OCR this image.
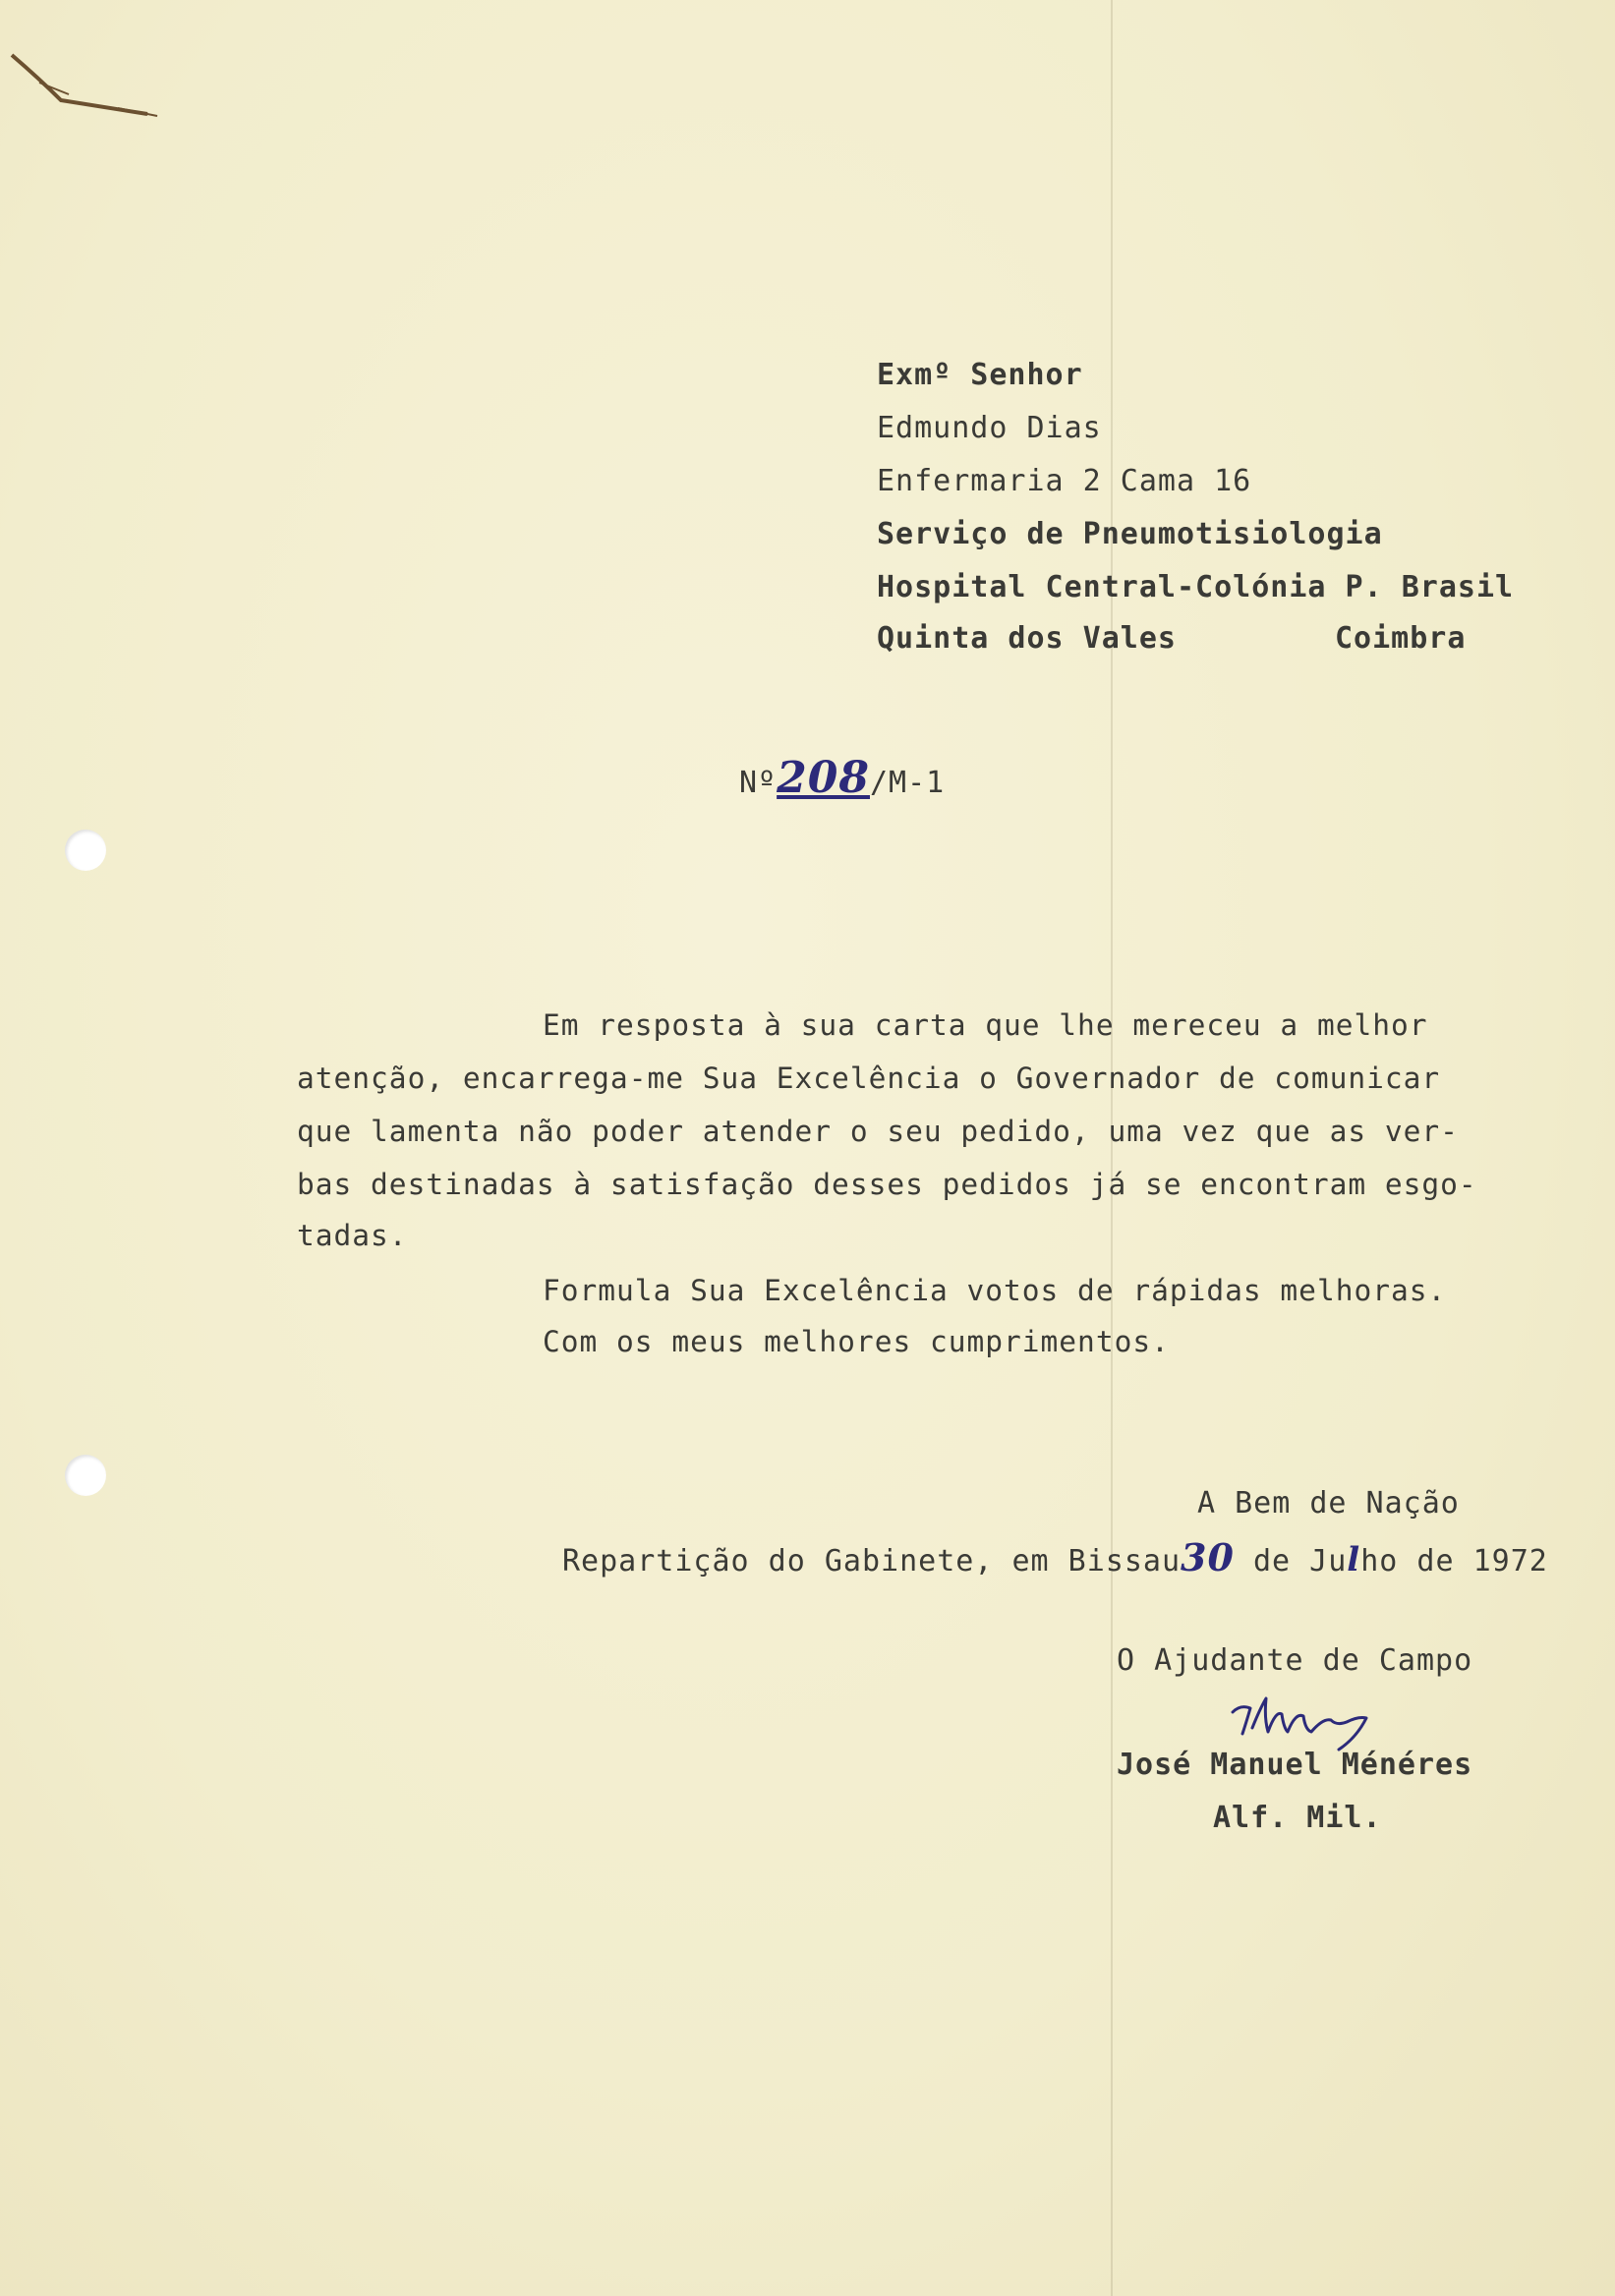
Exmº Senhor
Edmundo Dias
Enfermaria 2 Cama 16
Serviço de Pneumotisiologia
Hospital Central-Colónia P. Brasil
Quinta dos Vales	Coimbra
Nº208/M-1
Em resposta à sua carta que lhe mereceu a melhor
atenção, encarrega-me Sua Excelência o Governador de comunicar
que lamenta não poder atender o seu pedido, uma vez que as ver-
bas destinadas à satisfação desses pedidos já se encontram esgo-
tadas.
Formula Sua Excelência votos de rápidas melhoras.
Com os meus melhores cumprimentos.
A Bem de Nação
Repartição do Gabinete, em Bissau30 de Julho de 1972
O Ajudante de Campo
José Manuel Ménéres
Alf. Mil.
